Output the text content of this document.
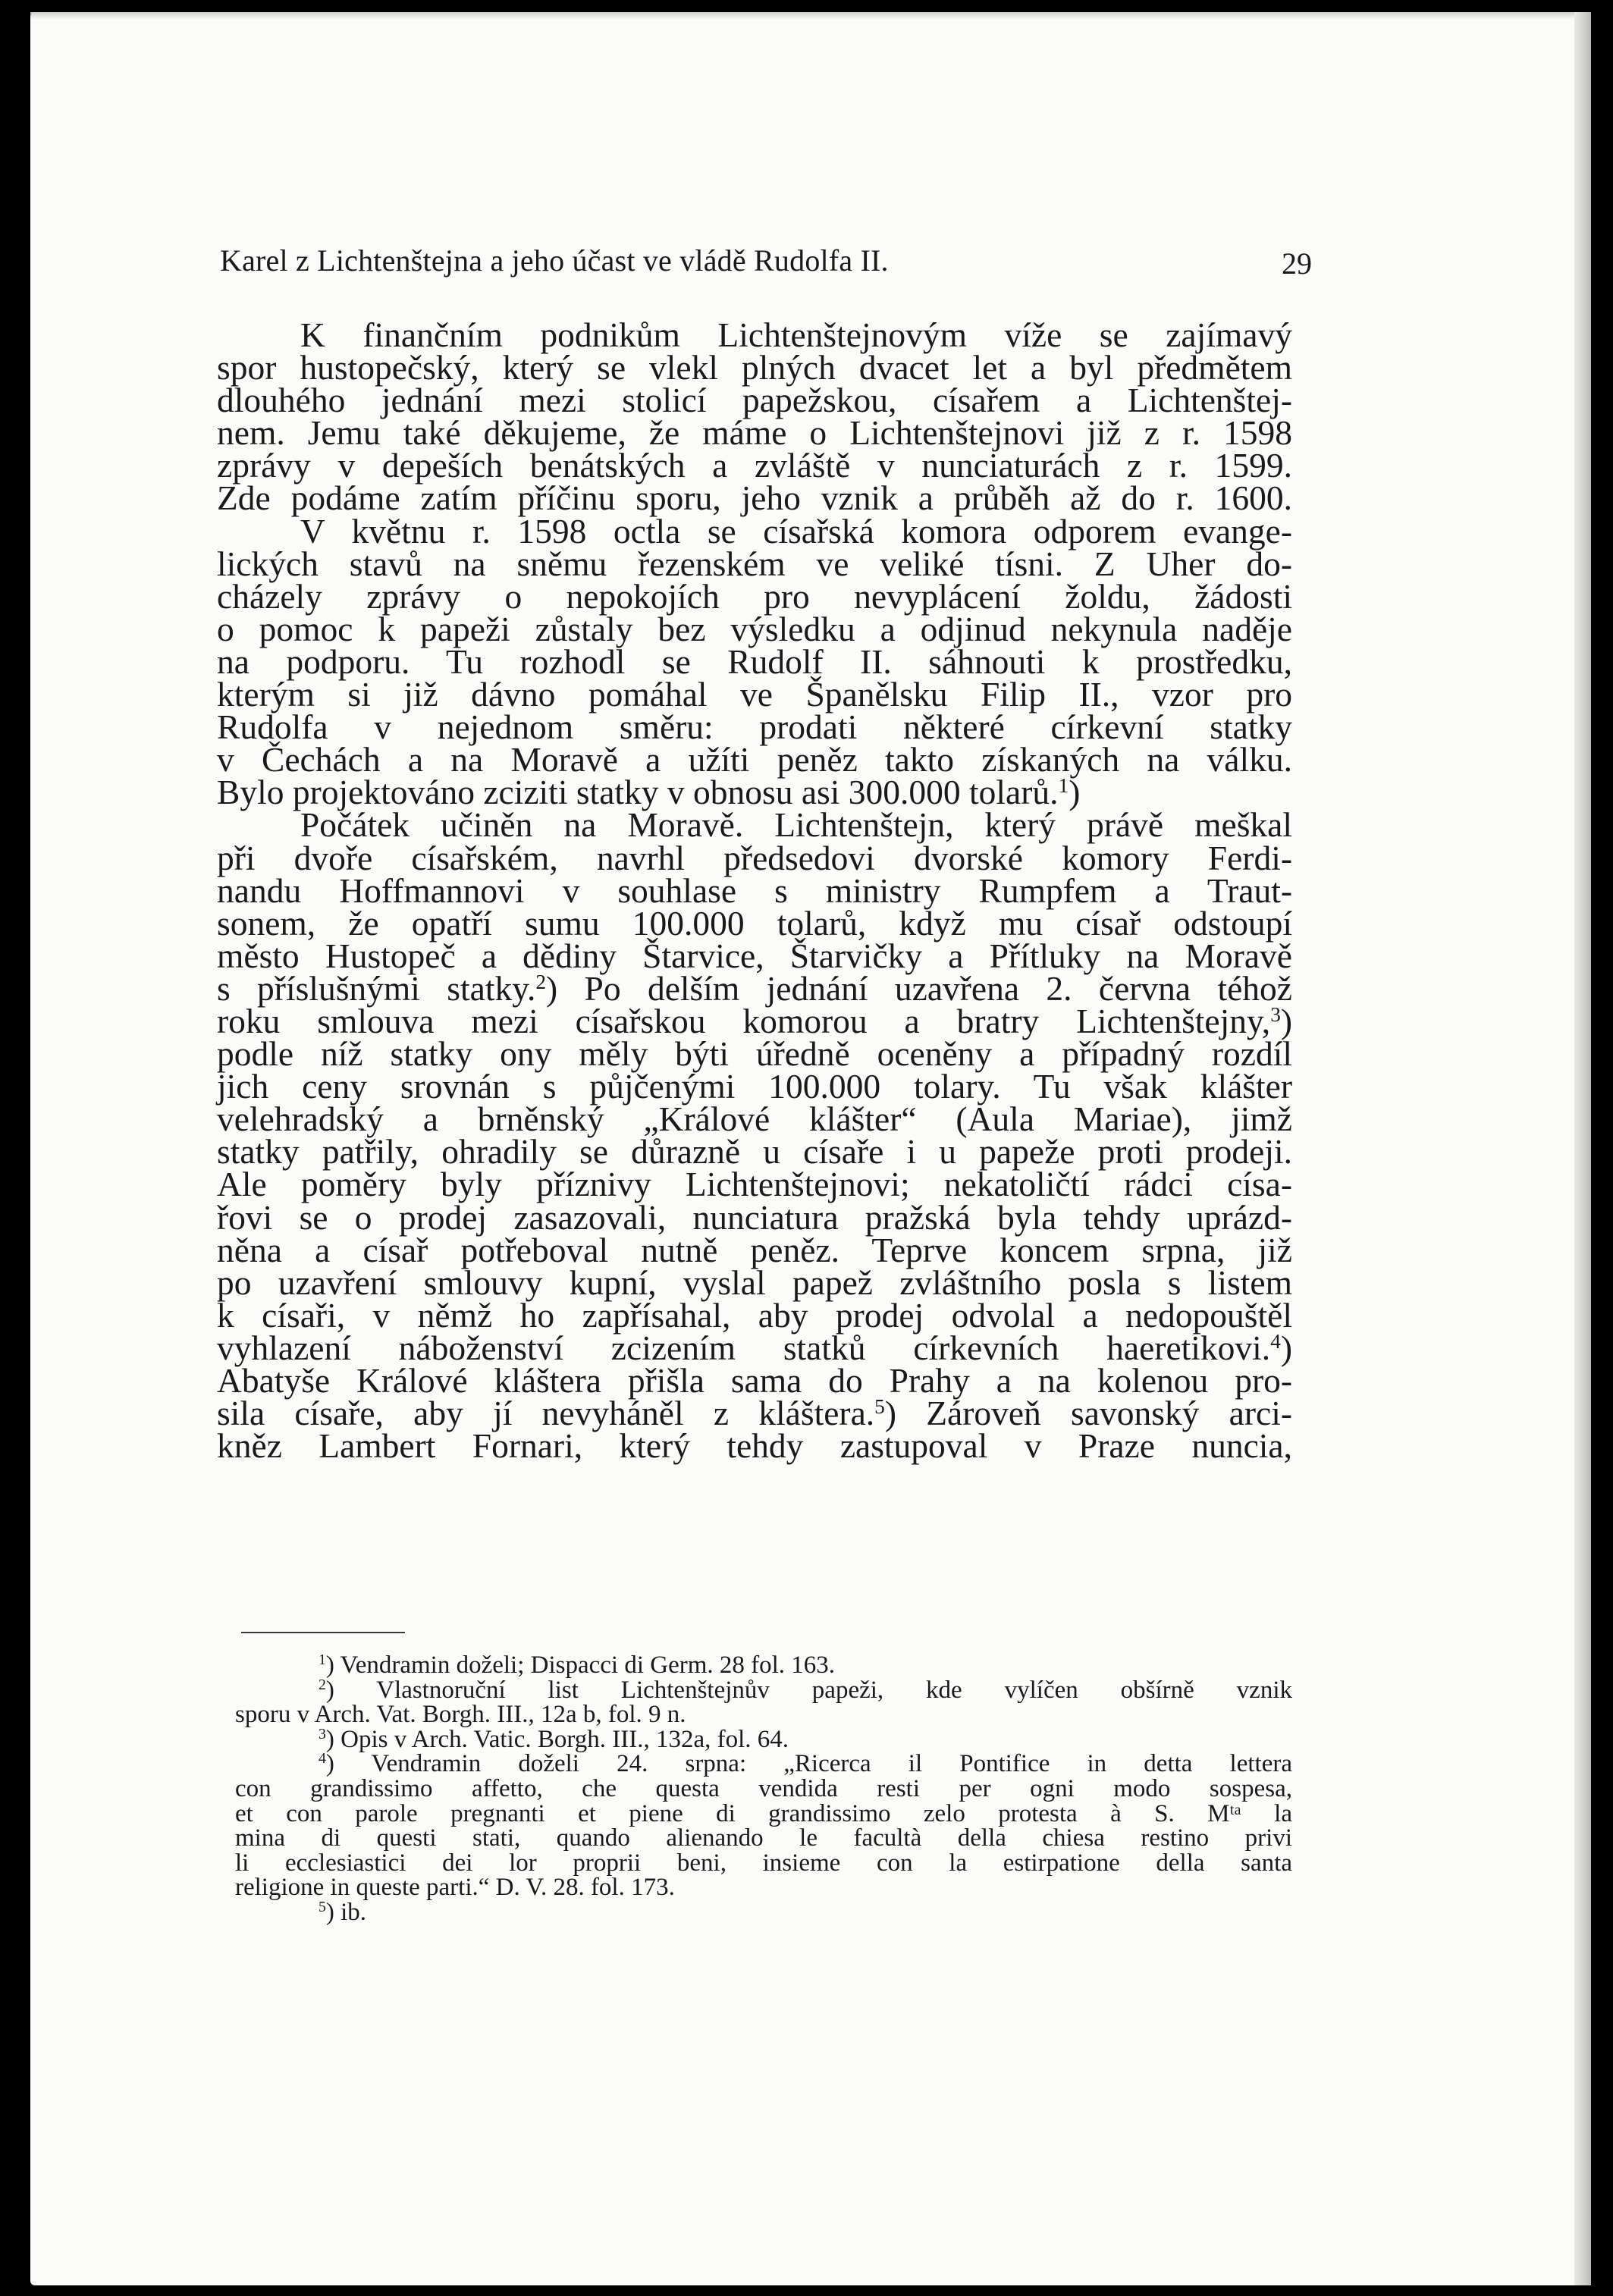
Karel z Lichtenštejna a jeho účast ve vládě Rudolfa II.	29
K finančním podnikům Lichtenštejnovým víže se zajímavý
spor hustopečský, který se vlekl plných dvacet let a byl předmětem
dlouhého jednání mezi stolicí papežskou, císařem a Lichtenštej-
nem. Jemu také děkujeme, že máme o Lichtenštejnovi již z r. 1598
zprávy v depeších benátských a zvláště v nunciaturách z r. 1599.
Zde podáme zatím příčinu sporu, jeho vznik a průběh až do r. 1600.
V květnu r. 1598 octla se císařská komora odporem evange-
lických stavů na sněmu řezenském ve veliké tísni. Z Uher do-
cházely zprávy o nepokojích pro nevyplácení žoldu, žádosti
o pomoc k papeži zůstaly bez výsledku a odjinud nekynula naděje
na podporu. Tu rozhodl se Rudolf II. sáhnouti k prostředku,
kterým si již dávno pomáhal ve Španělsku Filip II., vzor pro
Rudolfa v nejednom směru: prodati některé církevní statky
v Čechách a na Moravě a užíti peněz takto získaných na válku.
Bylo projektováno zciziti statky v obnosu asi 300.000 tolarů.$^1$)
Počátek učiněn na Moravě. Lichtenštejn, který právě meškal
při dvoře císařském, navrhl předsedovi dvorské komory Ferdi-
nandu Hoffmannovi v souhlase s ministry Rumpfem a Traut-
sonem, že opatří sumu 100.000 tolarů, když mu císař odstoupí
město Hustopeč a dědiny Štarvice, Štarvičky a Přítluky na Moravě
s příslušnými statky.$^2$) Po delším jednání uzavřena 2. června téhož
roku smlouva mezi císařskou komorou a bratry Lichtenštejny,$^3$)
podle níž statky ony měly býti úředně oceněny a případný rozdíl
jich ceny srovnán s půjčenými 100.000 tolary. Tu však klášter
velehradský a brněnský „Králové klášter“ (Aula Mariae), jimž
statky patřily, ohradily se důrazně u císaře i u papeže proti prodeji.
Ale poměry byly příznivy Lichtenštejnovi; nekatoličtí rádci císa-
řovi se o prodej zasazovali, nunciatura pražská byla tehdy uprázd-
něna a císař potřeboval nutně peněz. Teprve koncem srpna, již
po uzavření smlouvy kupní, vyslal papež zvláštního posla s listem
k císaři, v němž ho zapřísahal, aby prodej odvolal a nedopouštěl
vyhlazení náboženství zcizením statků církevních haeretikovi.$^4$)
Abatyše Králové kláštera přišla sama do Prahy a na kolenou pro-
sila císaře, aby jí nevyháněl z kláštera.$^5$) Zároveň savonský arci-
kněz Lambert Fornari, který tehdy zastupoval v Praze nuncia,
$^1$) Vendramin doželi; Dispacci di Germ. 28 fol. 163.
$^2$) Vlastnoruční list Lichtenštejnův papeži, kde vylíčen obšírně vznik
sporu v Arch. Vat. Borgh. III., 12a b, fol. 9 n.
$^3$) Opis v Arch. Vatic. Borgh. III., 132a, fol. 64.
$^4$) Vendramin doželi 24. srpna: „Ricerca il Pontifice in detta lettera
con grandissimo affetto, che questa vendida resti per ogni modo sospesa,
et con parole pregnanti et piene di grandissimo zelo protesta à S. Mᵗᵃ la
mina di questi stati, quando alienando le facultà della chiesa restino privi
li ecclesiastici dei lor proprii beni, insieme con la estirpatione della santa
religione in queste parti.“ D. V. 28. fol. 173.
$^5$) ib.
